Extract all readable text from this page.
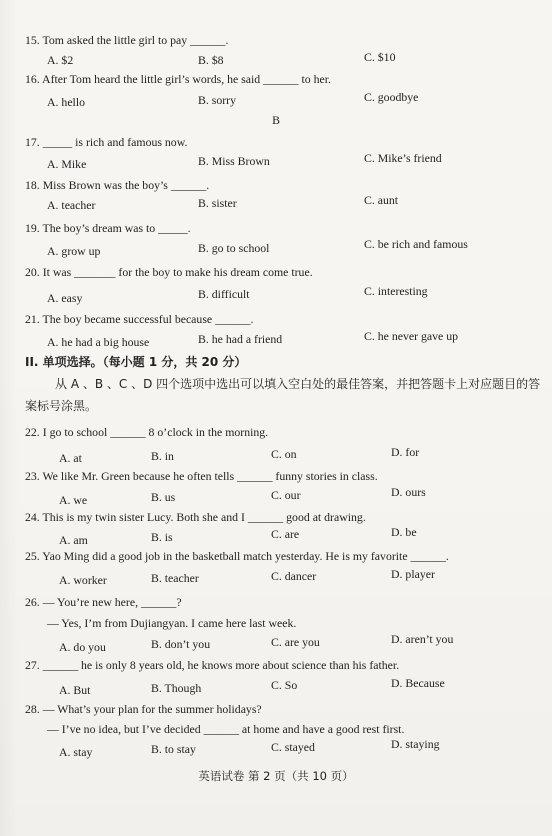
15. Tom asked the little girl to pay ______.
A. $2	B. $8	C. $10
16. After Tom heard the little girl’s words, he said ______ to her.
A. hello	B. sorry	C. goodbye
B
17. _____ is rich and famous now.
A. Mike	B. Miss Brown	C. Mike’s friend
18. Miss Brown was the boy’s ______.
A. teacher	B. sister	C. aunt
19. The boy’s dream was to _____.
A. grow up	B. go to school	C. be rich and famous
20. It was _______ for the boy to make his dream come true.
A. easy	B. difficult	C. interesting
21. The boy became successful because ______.
A. he had a big house	B. he had a friend	C. he never gave up
II. 单项选择。（每小题 1 分，共 20 分）
从 A 、B 、C 、D 四个选项中选出可以填入空白处的最佳答案，并把答题卡上对应题目的答
案标号涂黑。
22. I go to school ______ 8 o’clock in the morning.
A. at	B. in	C. on	D. for
23. We like Mr. Green because he often tells ______ funny stories in class.
A. we	B. us	C. our	D. ours
24. This is my twin sister Lucy. Both she and I ______ good at drawing.
A. am	B. is	C. are	D. be
25. Yao Ming did a good job in the basketball match yesterday. He is my favorite ______.
A. worker	B. teacher	C. dancer	D. player
26. — You’re new here, ______?
— Yes, I’m from Dujiangyan. I came here last week.
A. do you	B. don’t you	C. are you	D. aren’t you
27. ______ he is only 8 years old, he knows more about science than his father.
A. But	B. Though	C. So	D. Because
28. — What’s your plan for the summer holidays?
— I’ve no idea, but I’ve decided ______ at home and have a good rest first.
A. stay	B. to stay	C. stayed	D. staying
英语试卷 第 2 页（共 10 页）
